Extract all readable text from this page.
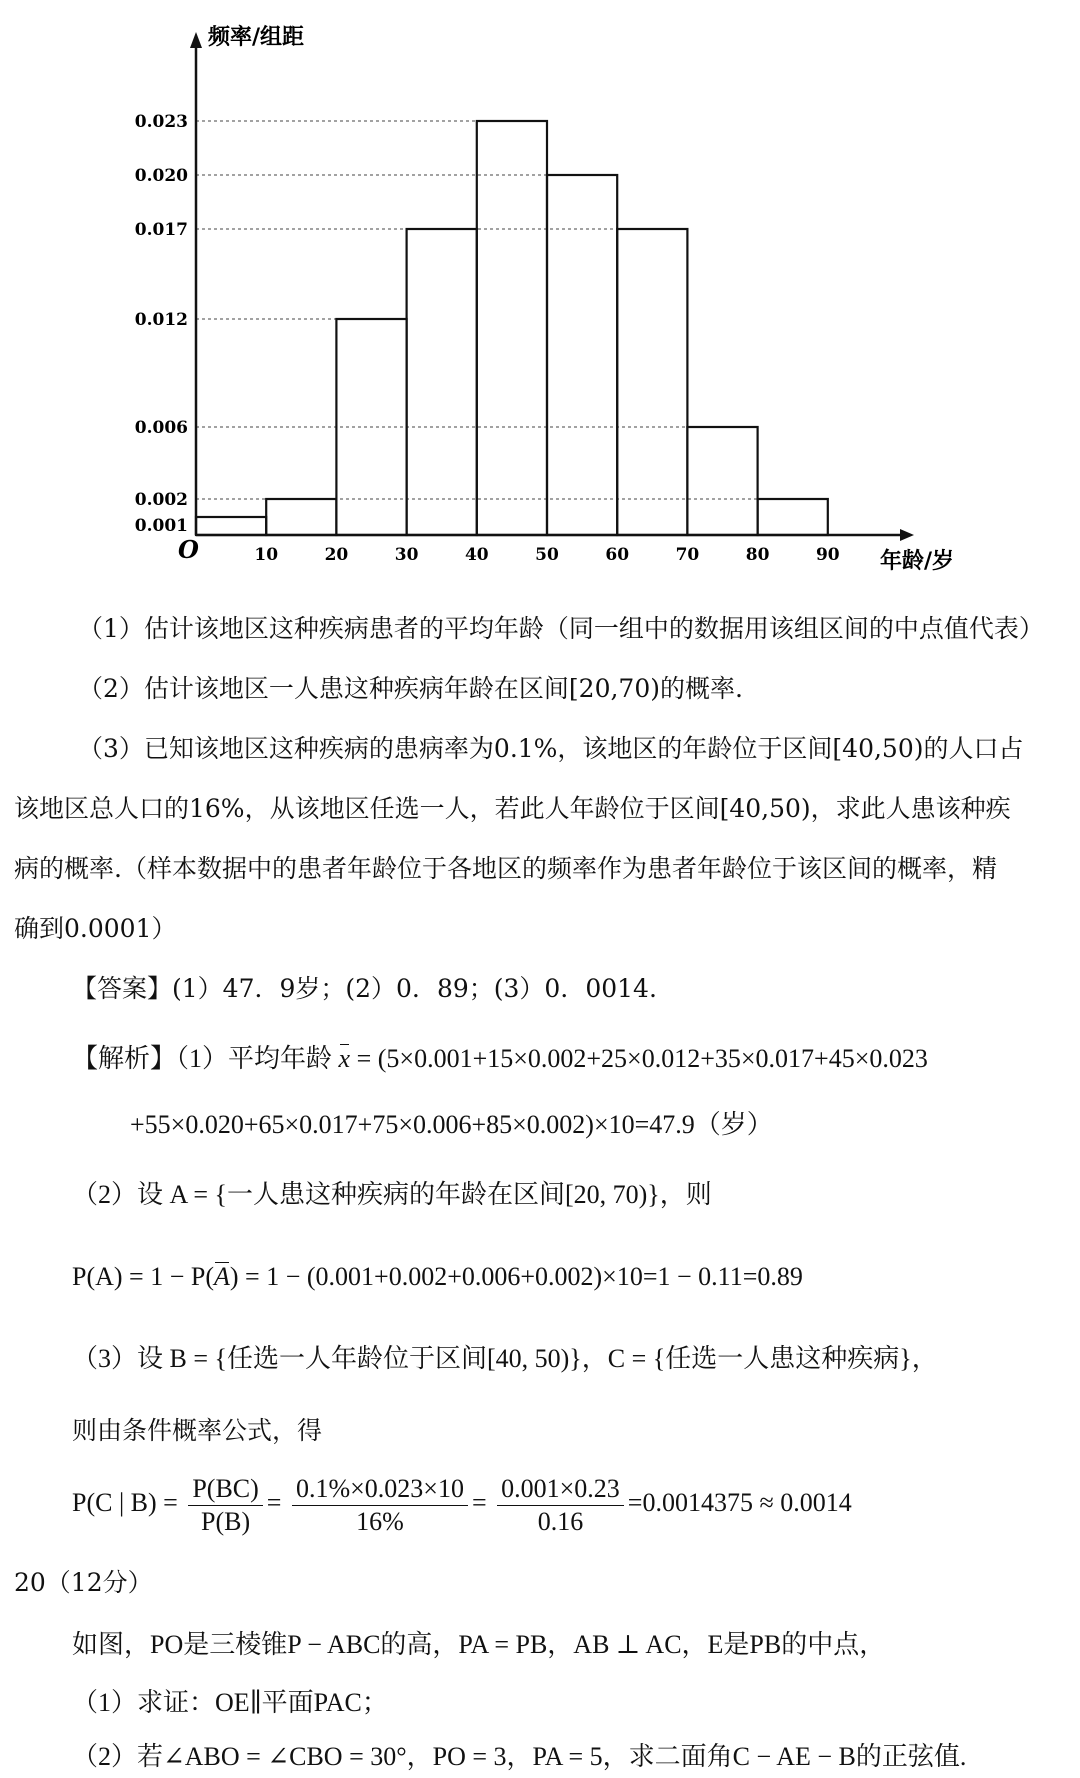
0.023
0.020
0.017
0.012
0.006
0.002
0.001
10	20	30	40	50	60	70	80	90
频率/组距
年龄/岁
O
（1）估计该地区这种疾病患者的平均年龄（同一组中的数据用该组区间的中点值代表）
（2）估计该地区一人患这种疾病年龄在区间[20,70)的概率.
（3）已知该地区这种疾病的患病率为0.1%，该地区的年龄位于区间[40,50)的人口占
该地区总人口的16%，从该地区任选一人，若此人年龄位于区间[40,50)，求此人患该种疾
病的概率.（样本数据中的患者年龄位于各地区的频率作为患者年龄位于该区间的概率，精
确到0.0001）
【答案】(1）47．9岁；(2）0．89；(3）0．0014.
【解析】（1）平均年龄 x = (5×0.001+15×0.002+25×0.012+35×0.017+45×0.023
+55×0.020+65×0.017+75×0.006+85×0.002)×10=47.9（岁）
（2）设 A = {一人患这种疾病的年龄在区间[20, 70)}，则
P(A) = 1 − P(A) = 1 − (0.001+0.002+0.006+0.002)×10=1 − 0.11=0.89
（3）设 B = {任选一人年龄位于区间[40, 50)}，C = {任选一人患这种疾病}，
则由条件概率公式，得
P(C | $B) = \frac{P(BC)}{P(B)} = \frac{0.1\%\times 0.023\times 10}{16\%} = \frac{0.001\times 0.23}{0.16} =0.0014375 \approx 0.0014$
20（12分）
如图，PO是三棱锥P − ABC的高，PA = PB，AB ⊥ AC，E是PB的中点，
（1）求证：OE∥平面PAC；
（2）若∠ABO = ∠CBO = 30°，PO = 3，PA = 5，求二面角C − AE − B的正弦值.
